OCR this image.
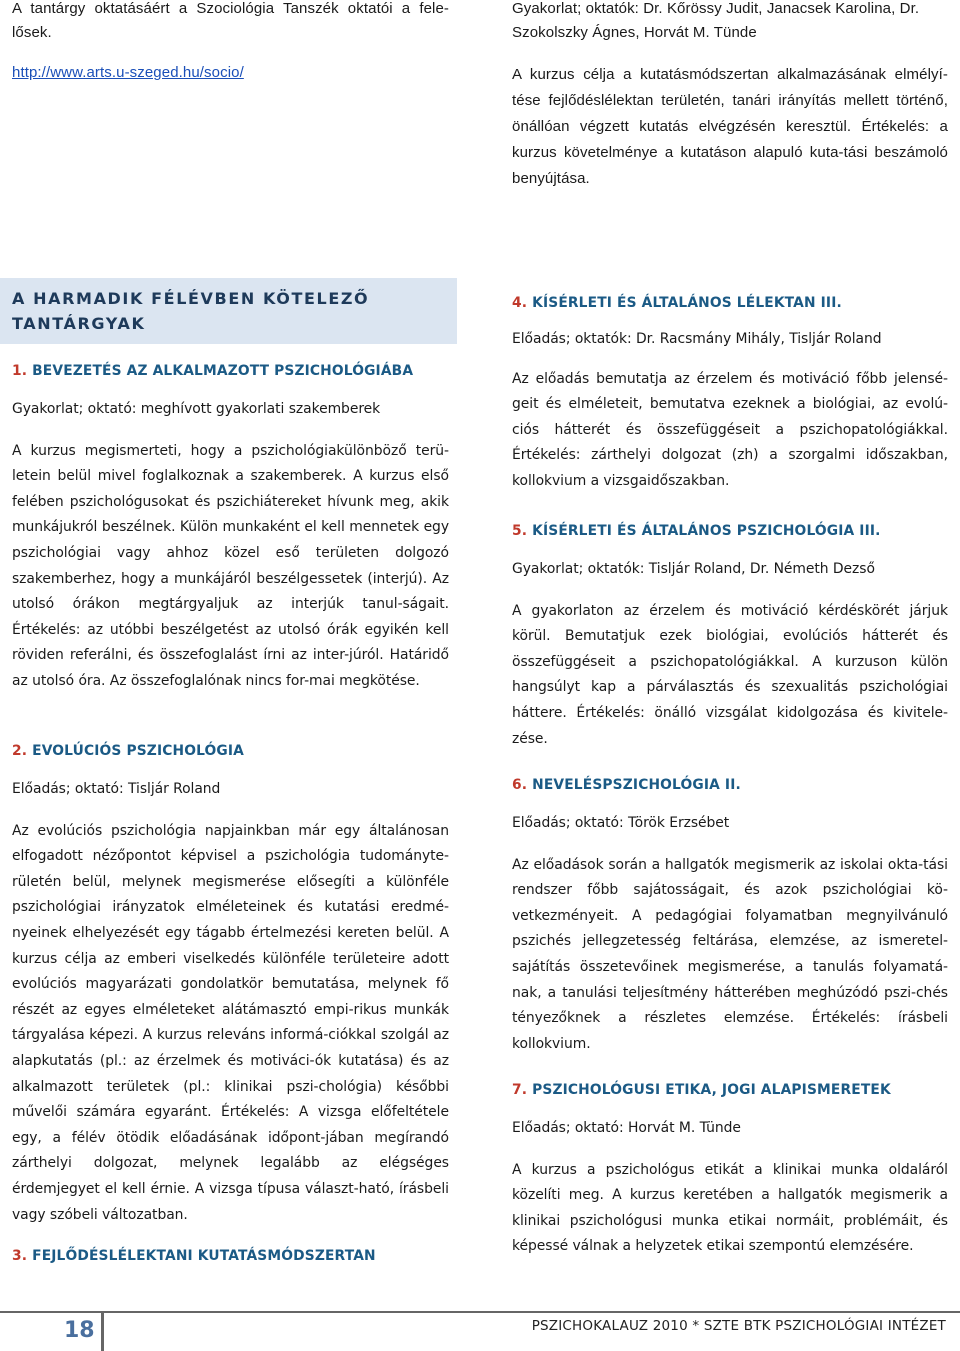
A tantárgy oktatásáért a Szociológia Tanszék oktatói a fele-lősek.

http://www.arts.u-szeged.hu/socio/

Gyakorlat; oktatók: Dr. Kőrössy Judit, Janacsek Karolina, Dr. Szokolszky Ágnes, Horvát M. Tünde

A kurzus célja a kutatásmódszertan alkalmazásának elmélyí-tése fejlődéslélektan területén, tanári irányítás mellett történő, önállóan végzett kutatás elvégzésén keresztül. Értékelés: a kurzus követelménye a kutatáson alapuló kuta-tási beszámoló benyújtása.

A HARMADIK FÉLÉVBEN KÖTELEZŐ TANTÁRGYAK
1. BEVEZETÉS AZ ALKALMAZOTT PSZICHOLÓGIÁBA

Gyakorlat; oktató: meghívott gyakorlati szakemberek

A kurzus megismerteti, hogy a pszichológiakülönböző terü-letein belül mivel foglalkoznak a szakemberek. A kurzus első felében pszichológusokat és pszichiátereket hívunk meg, akik munkájukról beszélnek. Külön munkaként el kell mennetek egy pszichológiai vagy ahhoz közel eső területen dolgozó szakemberhez, hogy a munkájáról beszélgessetek (interjú). Az utolsó órákon megtárgyaljuk az interjúk tanul-ságait. Értékelés: az utóbbi beszélgetést az utolsó órák egyikén kell röviden referálni, és összefoglalást írni az inter-júról. Határidő az utolsó óra. Az összefoglalónak nincs for-mai megkötése.

2. EVOLÚCIÓS PSZICHOLÓGIA

Előadás; oktató: Tisljár Roland

Az evolúciós pszichológia napjainkban már egy általánosan elfogadott nézőpontot képvisel a pszichológia tudományte-rületén belül, melynek megismerése elősegíti a különféle pszichológiai irányzatok elméleteinek és kutatási eredmé-nyeinek elhelyezését egy tágabb értelmezési kereten belül. A kurzus célja az emberi viselkedés különféle területeire adott evolúciós magyarázati gondolatkör bemutatása, melynek fő részét az egyes elméleteket alátámasztó empi-rikus munkák tárgyalása képezi. A kurzus releváns informá-ciókkal szolgál az alapkutatás (pl.: az érzelmek és motiváci-ók kutatása) és az alkalmazott területek (pl.: klinikai pszi-chológia) későbbi művelői számára egyaránt. Értékelés: A vizsga előfeltétele egy, a félév ötödik előadásának időpont-jában megírandó zárthelyi dolgozat, melynek legalább az elégséges érdemjegyet el kell érnie. A vizsga típusa választ-ható, írásbeli vagy szóbeli változatban.

3. FEJLŐDÉSLÉLEKTANI KUTATÁSMÓDSZERTAN
4. KÍSÉRLETI ÉS ÁLTALÁNOS LÉLEKTAN III.

Előadás; oktatók: Dr. Racsmány Mihály, Tisljár Roland

Az előadás bemutatja az érzelem és motiváció főbb jelensé-geit és elméleteit, bemutatva ezeknek a biológiai, az evolú-ciós hátterét és összefüggéseit a pszichopatológiákkal. Értékelés: zárthelyi dolgozat (zh) a szorgalmi időszakban, kollokvium a vizsgaidőszakban.

5. KÍSÉRLETI ÉS ÁLTALÁNOS PSZICHOLÓGIA III.

Gyakorlat; oktatók: Tisljár Roland, Dr. Németh Dezső

A gyakorlaton az érzelem és motiváció kérdéskörét járjuk körül. Bemutatjuk ezek biológiai, evolúciós hátterét és összefüggéseit a pszichopatológiákkal. A kurzuson külön hangsúlyt kap a párválasztás és szexualitás pszichológiai háttere. Értékelés: önálló vizsgálat kidolgozása és kivitele-zése.

6. NEVELÉSPSZICHOLÓGIA II.

Előadás; oktató: Török Erzsébet

Az előadások során a hallgatók megismerik az iskolai okta-tási rendszer főbb sajátosságait, és azok pszichológiai kö-vetkezményeit. A pedagógiai folyamatban megnyilvánuló pszichés jellegzetesség feltárása, elemzése, az ismeretel-sajátítás összetevőinek megismerése, a tanulás folyamatá-nak, a tanulási teljesítmény hátterében meghúzódó pszi-chés tényezőknek a részletes elemzése. Értékelés: írásbeli kollokvium.

7. PSZICHOLÓGUSI ETIKA, JOGI ALAPISMERETEK

Előadás; oktató: Horvát M. Tünde

A kurzus a pszichológus etikát a klinikai munka oldaláról közelíti meg. A kurzus keretében a hallgatók megismerik a klinikai pszichológusi munka etikai normáit, problémáit, és képessé válnak a helyzetek etikai szempontú elemzésére.

18	PSZICHOKALAUZ 2010 * SZTE BTK PSZICHOLÓGIAI INTÉZET
